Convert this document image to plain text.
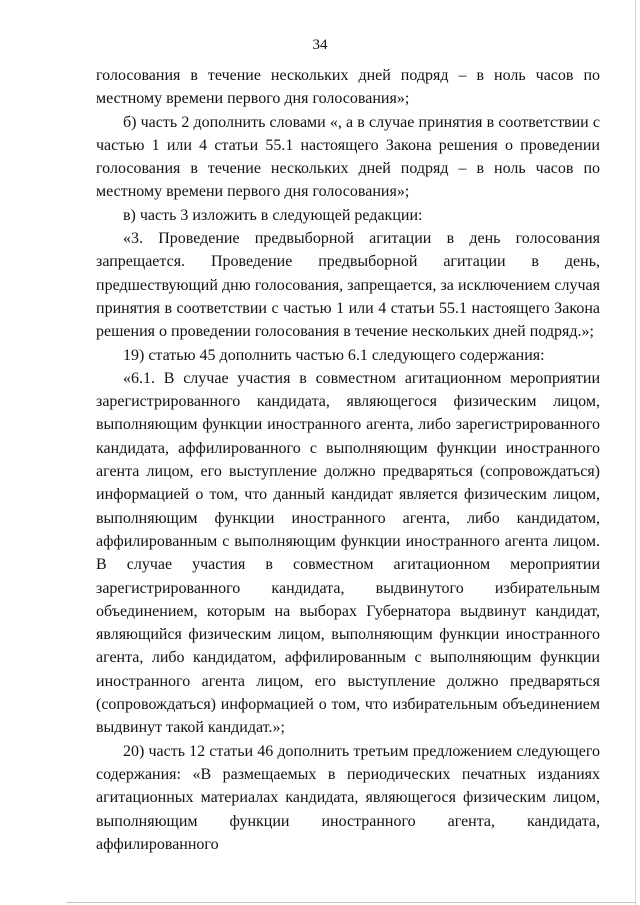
34

голосования в течение нескольких дней подряд – в ноль часов по местному времени первого дня голосования»;

б) часть 2 дополнить словами «, а в случае принятия в соответствии с частью 1 или 4 статьи 55.1 настоящего Закона решения о проведении голосования в течение нескольких дней подряд – в ноль часов по местному времени первого дня голосования»;

в) часть 3 изложить в следующей редакции:

«3. Проведение предвыборной агитации в день голосования запрещается. Проведение предвыборной агитации в день, предшествующий дню голосования, запрещается, за исключением случая принятия в соответствии с частью 1 или 4 статьи 55.1 настоящего Закона решения о проведении голосования в течение нескольких дней подряд.»;

19) статью 45 дополнить частью 6.1 следующего содержания:

«6.1. В случае участия в совместном агитационном мероприятии зарегистрированного кандидата, являющегося физическим лицом, выполняющим функции иностранного агента, либо зарегистрированного кандидата, аффилированного с выполняющим функции иностранного агента лицом, его выступление должно предваряться (сопровождаться) информацией о том, что данный кандидат является физическим лицом, выполняющим функции иностранного агента, либо кандидатом, аффилированным с выполняющим функции иностранного агента лицом. В случае участия в совместном агитационном мероприятии зарегистрированного кандидата, выдвинутого избирательным объединением, которым на выборах Губернатора выдвинут кандидат, являющийся физическим лицом, выполняющим функции иностранного агента, либо кандидатом, аффилированным с выполняющим функции иностранного агента лицом, его выступление должно предваряться (сопровождаться) информацией о том, что избирательным объединением выдвинут такой кандидат.»;

20) часть 12 статьи 46 дополнить третьим предложением следующего содержания: «В размещаемых в периодических печатных изданиях агитационных материалах кандидата, являющегося физическим лицом, выполняющим функции иностранного агента, кандидата, аффилированного
